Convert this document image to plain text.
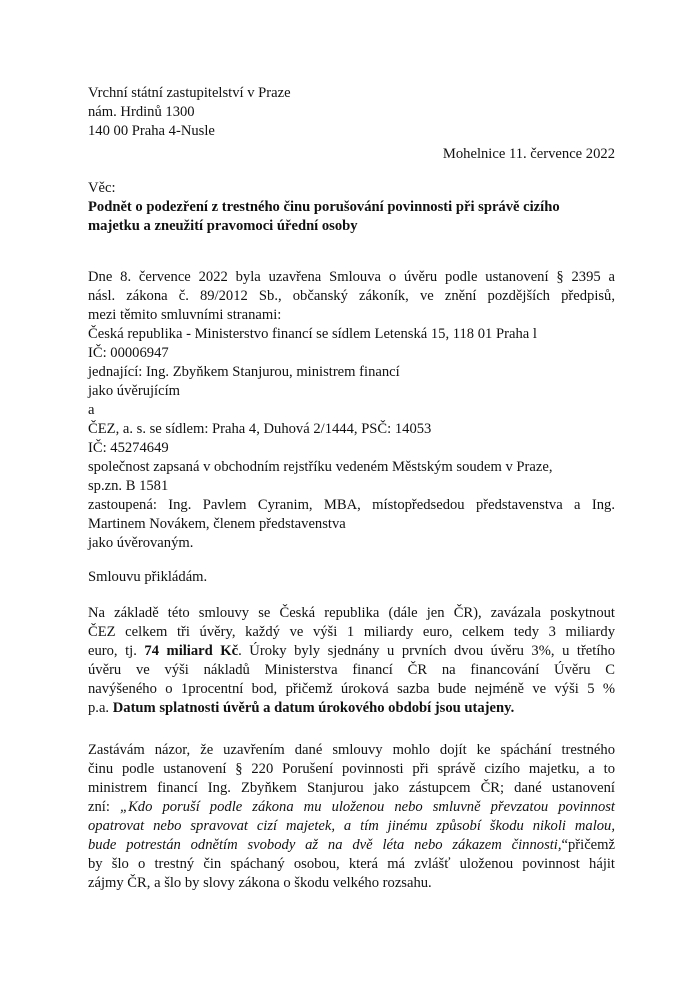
Vrchní státní zastupitelství v Praze
nám. Hrdinů 1300
140 00 Praha 4-Nusle
Mohelnice 11. července 2022
Věc:
Podnět o podezření z trestného činu porušování povinnosti při správě cizího
majetku a zneužití pravomoci úřední osoby

Dne 8. července 2022 byla uzavřena Smlouva o úvěru podle ustanovení § 2395 a

násl. zákona č. 89/2012 Sb., občanský zákoník, ve znění pozdějších předpisů,

mezi těmito smluvními stranami:
Česká republika - Ministerstvo financí se sídlem Letenská 15, 118 01 Praha l
IČ: 00006947
jednající: Ing. Zbyňkem Stanjurou, ministrem financí
jako úvěrujícím
a
ČEZ, a. s. se sídlem: Praha 4, Duhová 2/1444, PSČ: 14053
IČ: 45274649
společnost zapsaná v obchodním rejstříku vedeném Městským soudem v Praze,
sp.zn. B 1581

zastoupená: Ing. Pavlem Cyranim, MBA, místopředsedou představenstva a Ing.

Martinem Novákem, členem představenstva
jako úvěrovaným.
Smlouvu přikládám.

Na základě této smlouvy se Česká republika (dále jen ČR), zavázala poskytnout

ČEZ celkem tři úvěry, každý ve výši 1 miliardy euro, celkem tedy 3 miliardy

euro, tj. 74 miliard Kč. Úroky byly sjednány u prvních dvou úvěru 3%, u třetího

úvěru ve výši nákladů Ministerstva financí ČR na financování Úvěru C

navýšeného o 1procentní bod, přičemž úroková sazba bude nejméně ve výši 5 %

p.a. Datum splatnosti úvěrů a datum úrokového období jsou utajeny.

Zastávám názor, že uzavřením dané smlouvy mohlo dojít ke spáchání trestného

činu podle ustanovení § 220 Porušení povinnosti při správě cizího majetku, a to

ministrem financí Ing. Zbyňkem Stanjurou jako zástupcem ČR; dané ustanovení

zní: „Kdo poruší podle zákona mu uloženou nebo smluvně převzatou povinnost

opatrovat nebo spravovat cizí majetek, a tím jinému způsobí škodu nikoli malou,

bude potrestán odnětím svobody až na dvě léta nebo zákazem činnosti,“přičemž

by šlo o trestný čin spáchaný osobou, která má zvlášť uloženou povinnost hájit

zájmy ČR, a šlo by slovy zákona o škodu velkého rozsahu.
